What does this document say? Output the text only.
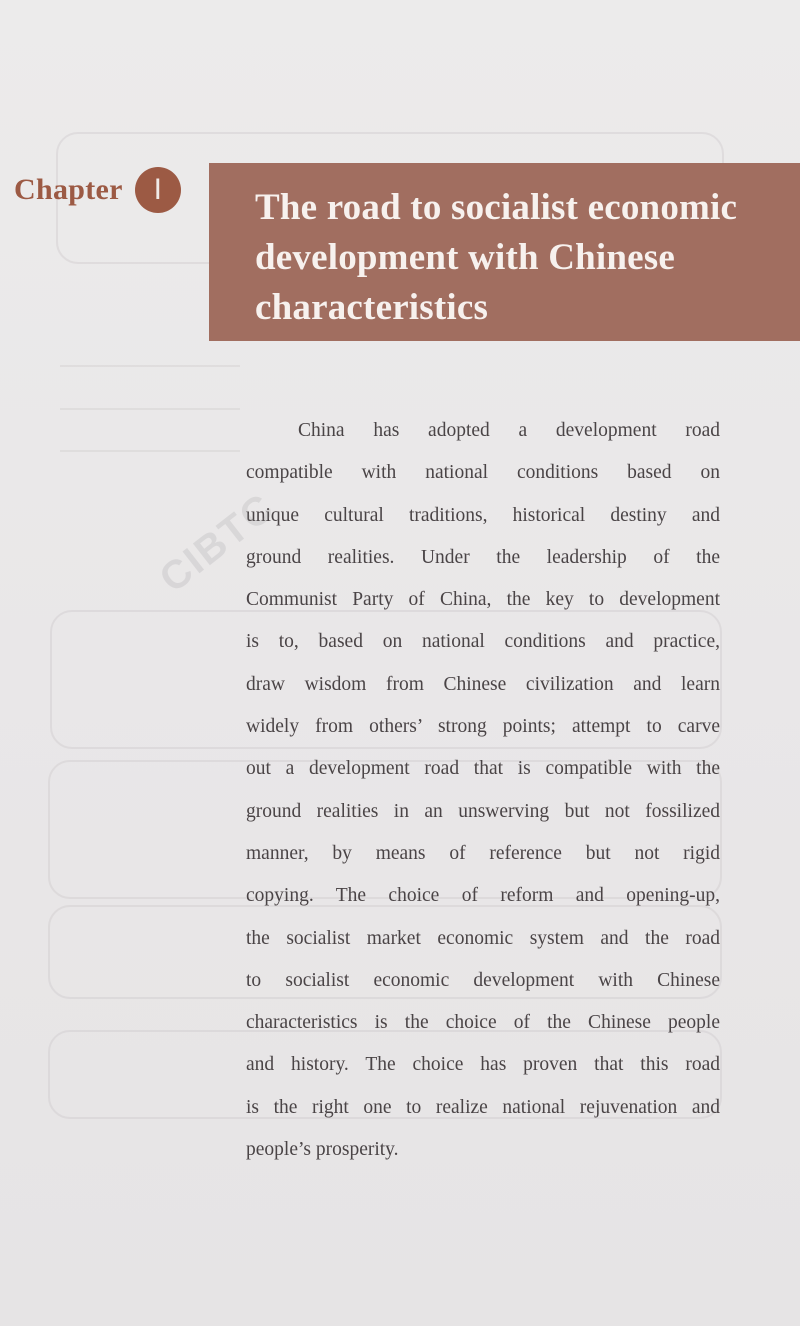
Chapter	I	The road to socialist economic
development with Chinese
characteristics
China has adopted a development road
compatible with national conditions based on
unique cultural traditions, historical destiny and
ground realities. Under the leadership of the
Communist Party of China, the key to development
is to, based on national conditions and practice,
draw wisdom from Chinese civilization and learn
widely from others’ strong points; attempt to carve
out a development road that is compatible with the
ground realities in an unswerving but not fossilized
manner, by means of reference but not rigid
copying. The choice of reform and opening-up,
the socialist market economic system and the road
to socialist economic development with Chinese
characteristics is the choice of the Chinese people
and history. The choice has proven that this road
is the right one to realize national rejuvenation and
people’s prosperity.
CIBTC
